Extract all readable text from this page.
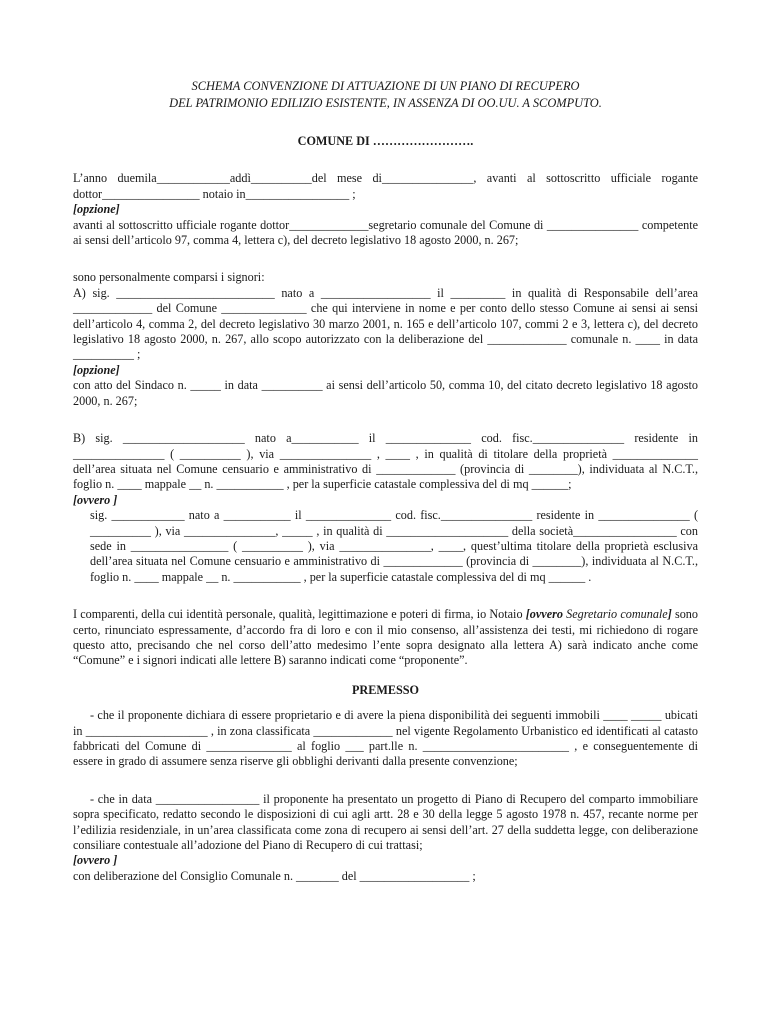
SCHEMA CONVENZIONE DI ATTUAZIONE DI UN PIANO DI RECUPERO

DEL PATRIMONIO EDILIZIO ESISTENTE, IN ASSENZA DI OO.UU. A SCOMPUTO.

COMUNE DI …………………….

L’anno duemila____________addì__________del mese di_______________, avanti al sottoscritto ufficiale rogante dottor________________ notaio in_________________ ;

[opzione]

avanti al sottoscritto ufficiale rogante dottor_____________segretario comunale del Comune di _______________ competente ai sensi dell’articolo 97, comma 4, lettera c), del decreto legislativo 18 agosto 2000, n. 267;

sono personalmente comparsi i signori:

A) sig. __________________________ nato a __________________ il _________ in qualità di Responsabile dell’area _____________ del Comune ______________ che qui interviene in nome e per conto dello stesso Comune ai sensi ai sensi dell’articolo 4, comma 2, del decreto legislativo 30 marzo 2001, n. 165 e dell’articolo 107, commi 2 e 3, lettera c), del decreto legislativo 18 agosto 2000, n. 267, allo scopo autorizzato con la deliberazione del _____________ comunale n. ____ in data __________ ;

[opzione]

con atto del Sindaco n. _____ in data __________ ai sensi dell’articolo 50, comma 10, del citato decreto legislativo 18 agosto 2000, n. 267;

B) sig. ____________________ nato a___________ il ______________ cod. fisc._______________ residente in _______________ ( __________ ), via _______________ , ____ , in qualità di titolare della proprietà ______________ dell’area situata nel Comune censuario e amministrativo di _____________ (provincia di ________), individuata al N.C.T., foglio n. ____ mappale __ n. ___________ , per la superficie catastale complessiva del di mq ______;

[ovvero ]

sig. ____________ nato a ___________ il ______________ cod. fisc._______________ residente in _______________ ( __________ ), via _______________, _____ , in qualità di ____________________ della società_________________ con sede in ________________ ( __________ ), via _______________, ____, quest’ultima titolare della proprietà esclusiva dell’area situata nel Comune censuario e amministrativo di _____________ (provincia di ________), individuata al N.C.T., foglio n. ____ mappale __ n. ___________ , per la superficie catastale complessiva del di mq ______ .

I comparenti, della cui identità personale, qualità, legittimazione e poteri di firma, io Notaio [ovvero Segretario comunale] sono certo, rinunciato espressamente, d’accordo fra di loro e con il mio consenso, all’assistenza dei testi, mi richiedono di rogare questo atto, precisando che nel corso dell’atto medesimo l’ente sopra designato alla lettera A) sarà indicato anche come “Comune” e i signori indicati alle lettere B) saranno indicati come “proponente”.

PREMESSO

- che il proponente dichiara di essere proprietario e di avere la piena disponibilità dei seguenti immobili ____ _____ ubicati in ____________________ , in zona classificata _____________ nel vigente Regolamento Urbanistico ed identificati al catasto fabbricati del Comune di ______________ al foglio ___ part.lle n. ________________________ , e conseguentemente di essere in grado di assumere senza riserve gli obblighi derivanti dalla presente convenzione;

- che in data _________________ il proponente ha presentato un progetto di Piano di Recupero del comparto immobiliare sopra specificato, redatto secondo le disposizioni di cui agli artt. 28 e 30 della legge 5 agosto 1978 n. 457, recante norme per l’edilizia residenziale, in un’area classificata come zona di recupero ai sensi dell’art. 27 della suddetta legge, con deliberazione consiliare contestuale all’adozione del Piano di Recupero di cui trattasi;

[ovvero ]

con deliberazione del Consiglio Comunale n. _______ del __________________ ;
